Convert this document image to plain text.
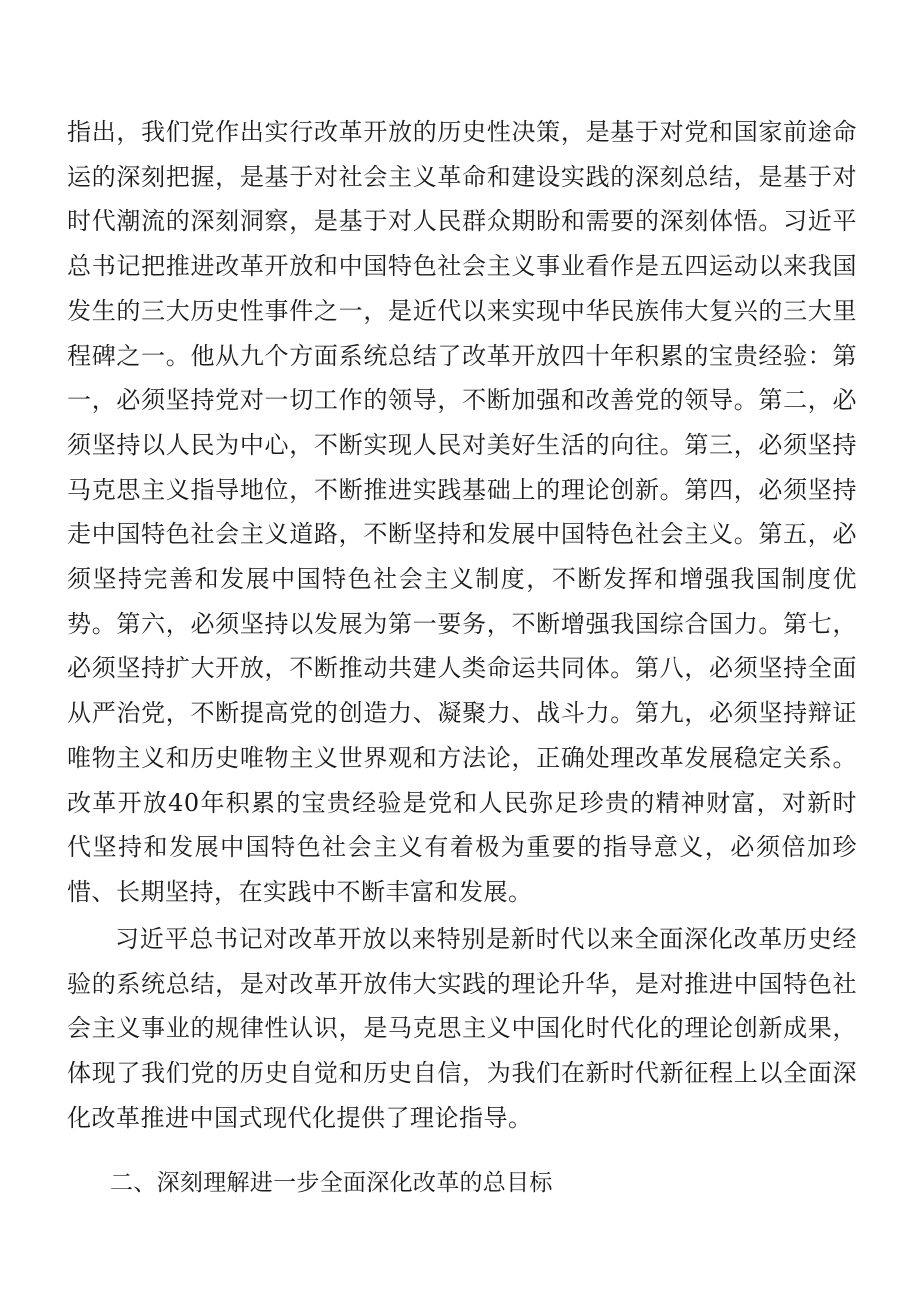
指出，我们党作出实行改革开放的历史性决策，是基于对党和国家前途命运的深刻把握，是基于对社会主义革命和建设实践的深刻总结，是基于对时代潮流的深刻洞察，是基于对人民群众期盼和需要的深刻体悟。习近平总书记把推进改革开放和中国特色社会主义事业看作是五四运动以来我国发生的三大历史性事件之一，是近代以来实现中华民族伟大复兴的三大里程碑之一。他从九个方面系统总结了改革开放四十年积累的宝贵经验：第一，必须坚持党对一切工作的领导，不断加强和改善党的领导。第二，必须坚持以人民为中心，不断实现人民对美好生活的向往。第三，必须坚持马克思主义指导地位，不断推进实践基础上的理论创新。第四，必须坚持走中国特色社会主义道路，不断坚持和发展中国特色社会主义。第五，必须坚持完善和发展中国特色社会主义制度，不断发挥和增强我国制度优势。第六，必须坚持以发展为第一要务，不断增强我国综合国力。第七，必须坚持扩大开放，不断推动共建人类命运共同体。第八，必须坚持全面从严治党，不断提高党的创造力、凝聚力、战斗力。第九，必须坚持辩证唯物主义和历史唯物主义世界观和方法论，正确处理改革发展稳定关系。改革开放40年积累的宝贵经验是党和人民弥足珍贵的精神财富，对新时代坚持和发展中国特色社会主义有着极为重要的指导意义，必须倍加珍惜、长期坚持，在实践中不断丰富和发展。

习近平总书记对改革开放以来特别是新时代以来全面深化改革历史经验的系统总结，是对改革开放伟大实践的理论升华，是对推进中国特色社会主义事业的规律性认识，是马克思主义中国化时代化的理论创新成果，体现了我们党的历史自觉和历史自信，为我们在新时代新征程上以全面深化改革推进中国式现代化提供了理论指导。

二、深刻理解进一步全面深化改革的总目标
